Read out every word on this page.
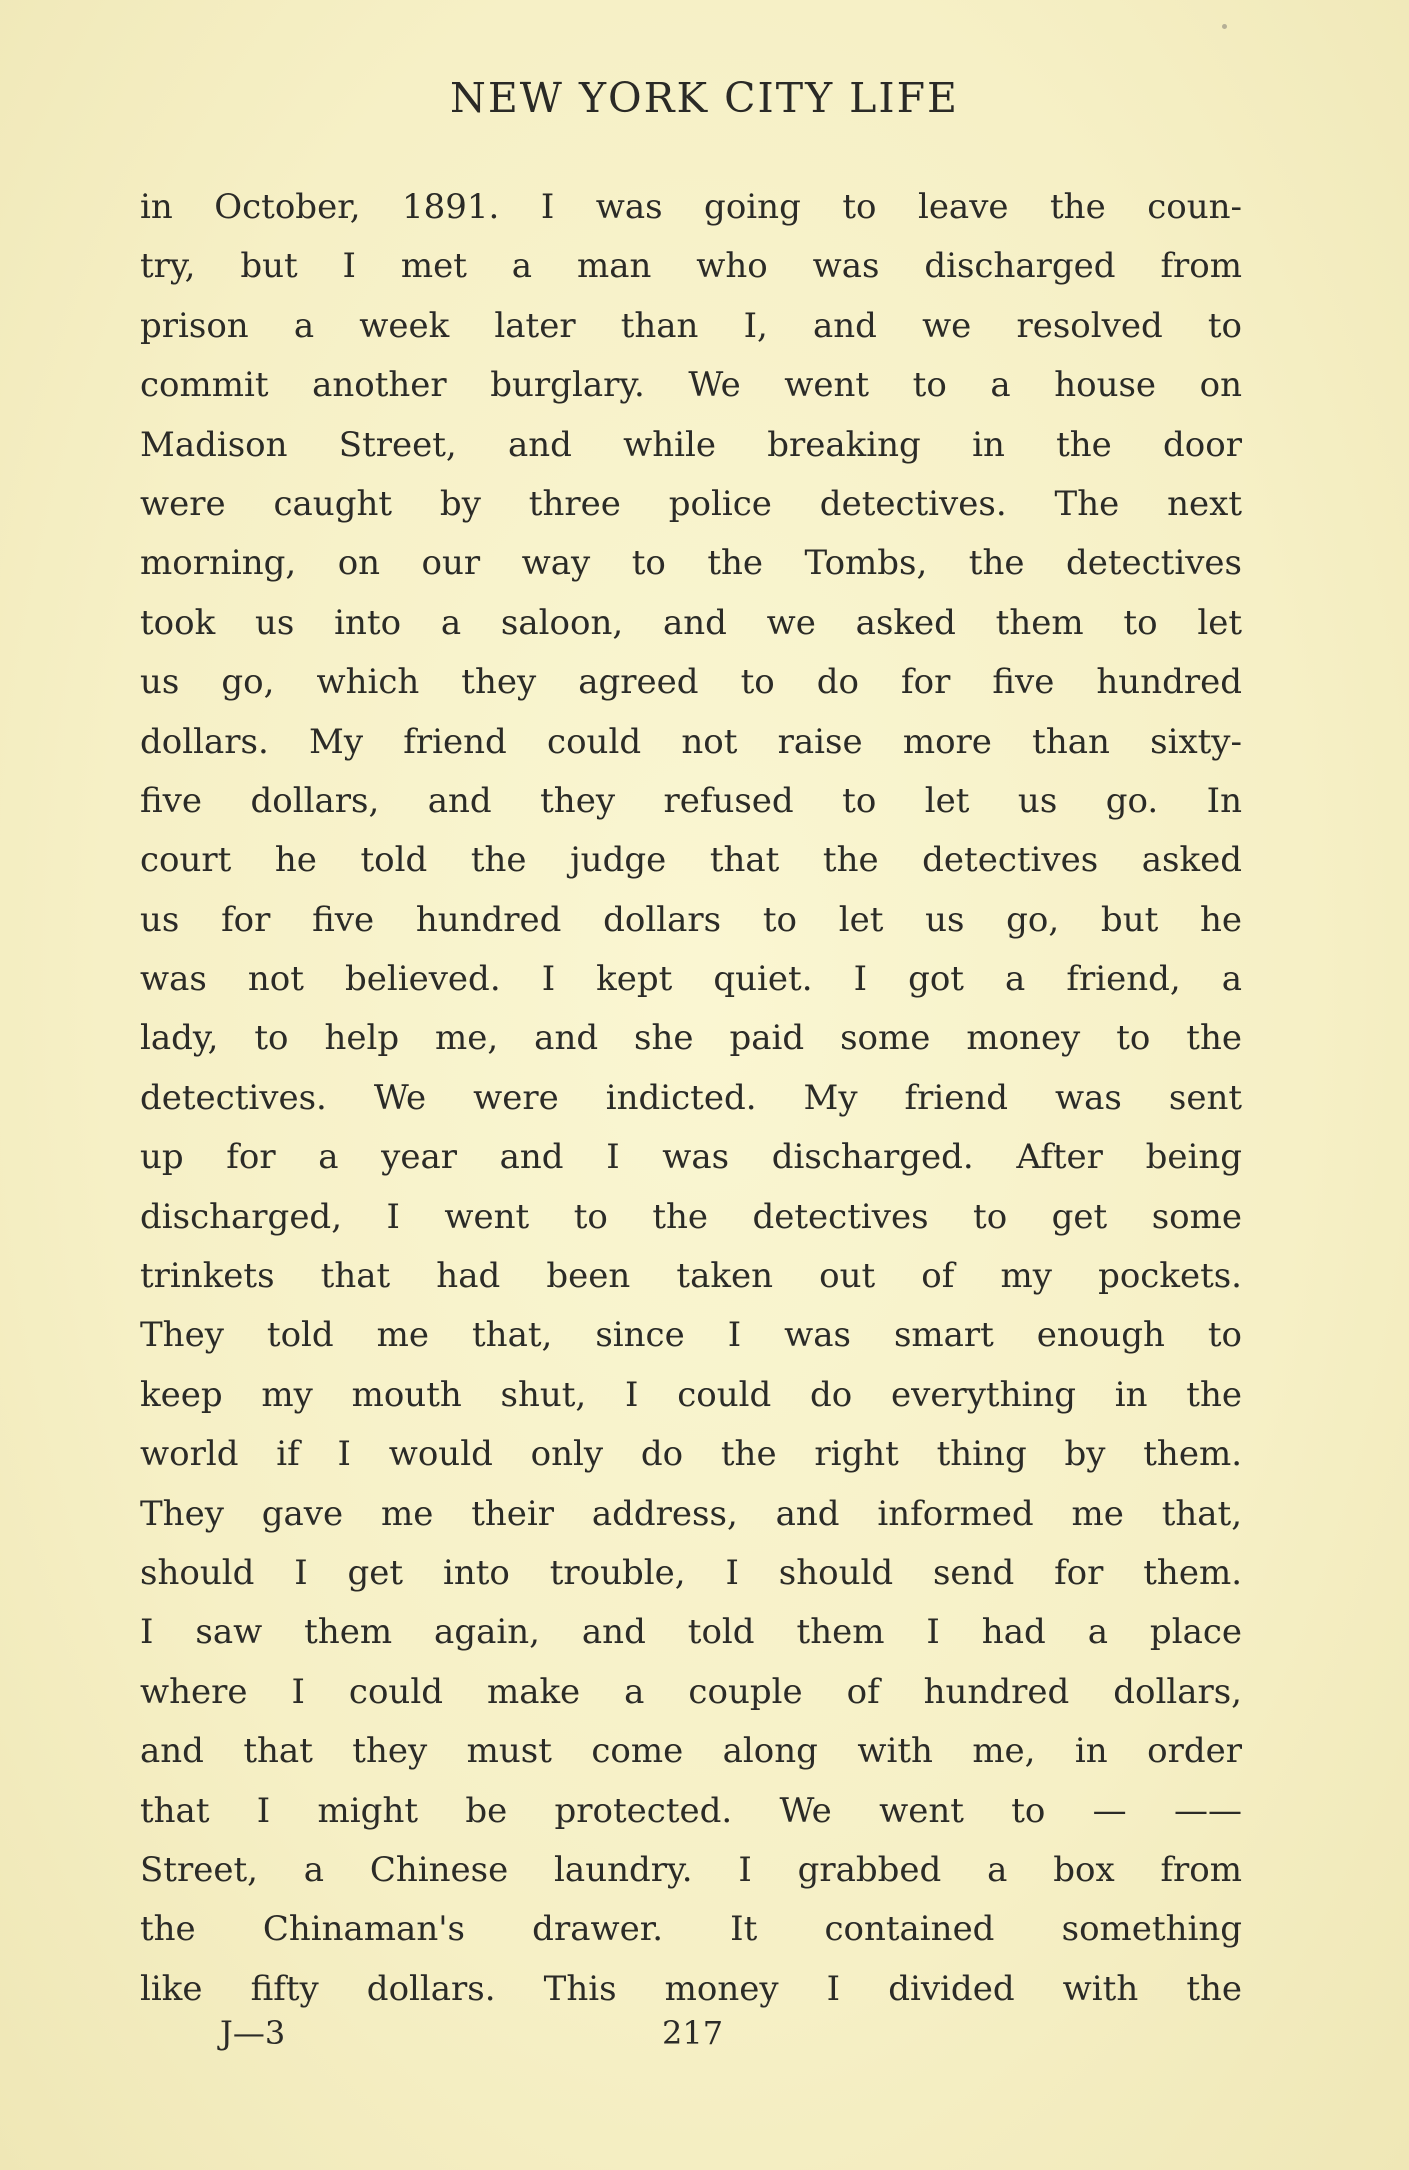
NEW YORK CITY LIFE
in October, 1891. I was going to leave the coun-
try, but I met a man who was discharged from
prison a week later than I, and we resolved to
commit another burglary. We went to a house on
Madison Street, and while breaking in the door
were caught by three police detectives. The next
morning, on our way to the Tombs, the detectives
took us into a saloon, and we asked them to let
us go, which they agreed to do for five hundred
dollars. My friend could not raise more than sixty-
five dollars, and they refused to let us go. In
court he told the judge that the detectives asked
us for five hundred dollars to let us go, but he
was not believed. I kept quiet. I got a friend, a
lady, to help me, and she paid some money to the
detectives. We were indicted. My friend was sent
up for a year and I was discharged. After being
discharged, I went to the detectives to get some
trinkets that had been taken out of my pockets.
They told me that, since I was smart enough to
keep my mouth shut, I could do everything in the
world if I would only do the right thing by them.
They gave me their address, and informed me that,
should I get into trouble, I should send for them.
I saw them again, and told them I had a place
where I could make a couple of hundred dollars,
and that they must come along with me, in order
that I might be protected. We went to — ——
Street, a Chinese laundry. I grabbed a box from
the Chinaman's drawer. It contained something
like fifty dollars. This money I divided with the
J—3	217
